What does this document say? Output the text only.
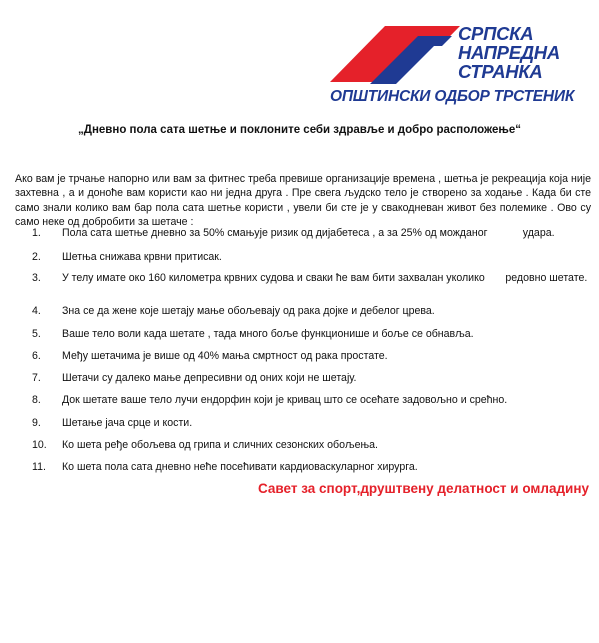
СРПСКА
НАПРЕДНА
СТРАНКА
ОПШТИНСКИ ОДБОР ТРСТЕНИК
„Дневно пола сата шетње и поклоните себи здравље и добро расположење“

Ако вам је трчање напорно или вам за фитнес треба превише организације времена , шетња је рекреација која није захтевна , а и доноће вам користи као ни једна друга . Пре свега људско тело је створено за ходање . Када би сте само знали колико вам бар пола сата шетње користи , увели би сте је у свакодневан живот без полемике . Ово су само неке од добробити за шетаче :

1.	Пола сата шетње дневно за 50% смањује ризик од дијабетеса , а за 25% од мождaног            удара.
2.	Шетња снижава крвни притисак.
3.	У телу имате око 160 километра крвних судова и сваки ће вам бити захвалан уколико       редовно шетате.
4.	Зна се да жене које шетају мање обољевају од рака дојке и дебелог црева.
5.	Ваше тело воли када шетате , тада много боље функционише и боље се обнавља.
6.	Међу шетачима је више од 40% мања смртност од рака простате.
7.	Шетачи су далеко мање депресивни од оних који не шетају.
8.	Док шетате ваше тело лучи ендорфин који је кривац што се осећате задовољно и срећно.
9.	Шетање јача срце и кости.
10.	Ко шета ређе обољева од грипа и сличних сезонских обољења.
11.	Ко шета пола сата дневно неће посећивати кардиоваскуларног хирурга.
Савет за спорт,друштвену делатност и омладину
